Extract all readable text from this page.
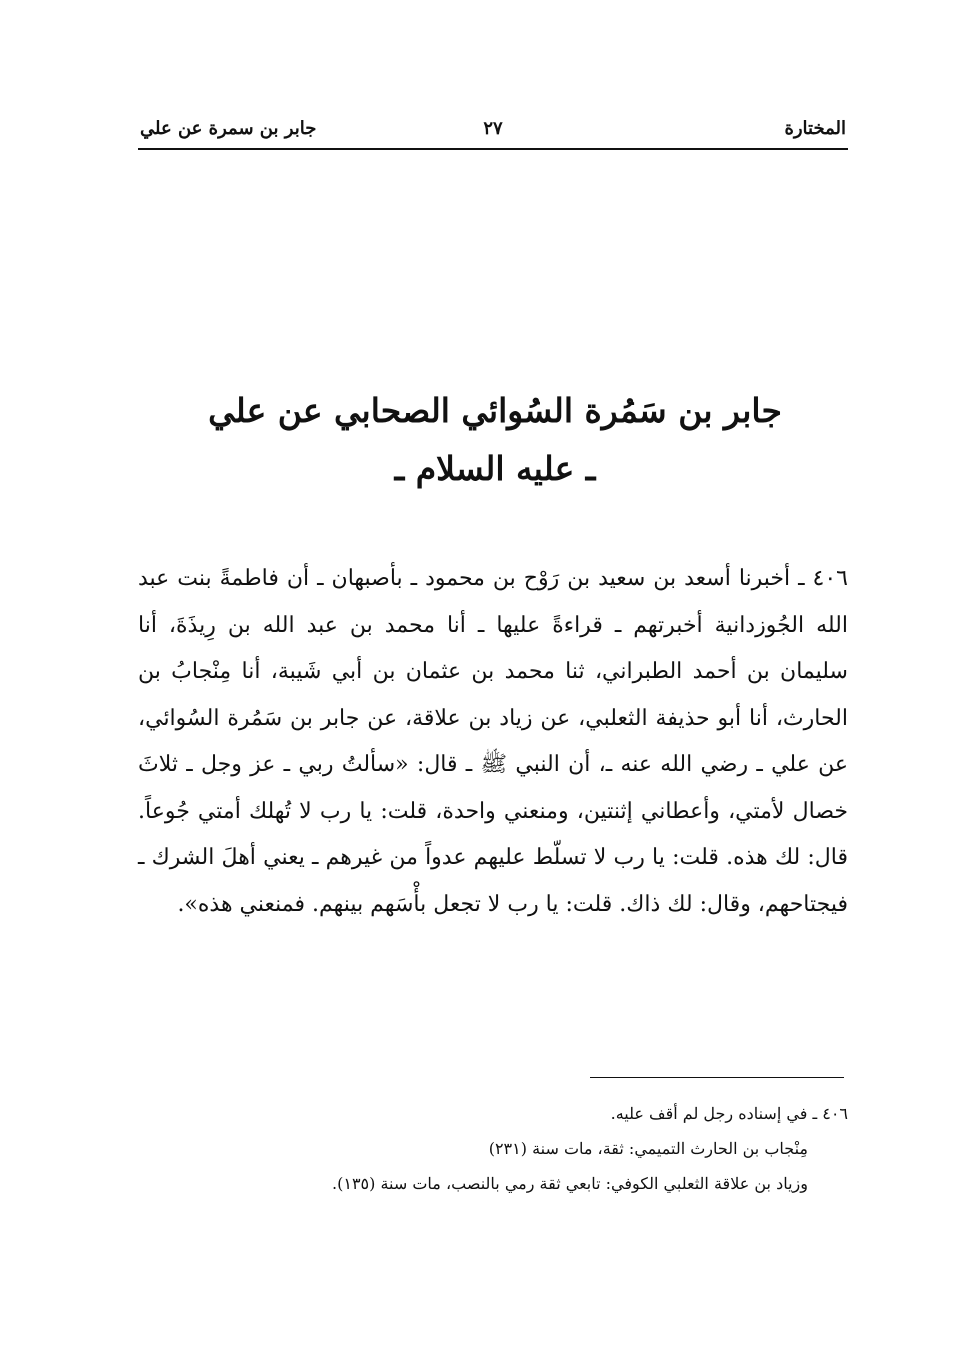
المختارة
٢٧
جابر بن سمرة عن علي
جابر بن سَمُرة السُوائي الصحابي عن علي
ـ عليه السلام ـ

٤٠٦ ـ أخبرنا أسعد بن سعيد بن رَوْح بن محمود ـ بأصبهان ـ أن فاطمةً بنت عبد الله الجُوزدانية أخبرتهم ـ قراءةً عليها ـ أنا محمد بن عبد الله بن رِيذَةَ، أنا سليمان بن أحمد الطبراني، ثنا محمد بن عثمان بن أبي شَيبة، أنا مِنْجابُ بن الحارث، أنا أبو حذيفة الثعلبي، عن زياد بن علاقة، عن جابر بن سَمُرة السُوائي، عن علي ـ رضي الله عنه ـ، أن النبي ﷺ ـ قال: «سألتُ ربي ـ عز وجل ـ ثلاثَ خصال لأمتي، وأعطاني إثنتين، ومنعني واحدة، قلت: يا رب لا تُهلك أمتي جُوعاً. قال: لك هذه. قلت: يا رب لا تسلّط عليهم عدواً من غيرهم ـ يعني أهلَ الشرك ـ فيجتاحهم، وقال: لك ذاك. قلت: يا رب لا تجعل بأْسَهم بينهم. فمنعني هذه».

٤٠٦ ـ في إسناده رجل لم أقف عليه.
مِنْجاب بن الحارث التميمي: ثقة، مات سنة (٢٣١)
وزياد بن علاقة الثعلبي الكوفي: تابعي ثقة رمي بالنصب، مات سنة (١٣٥).
